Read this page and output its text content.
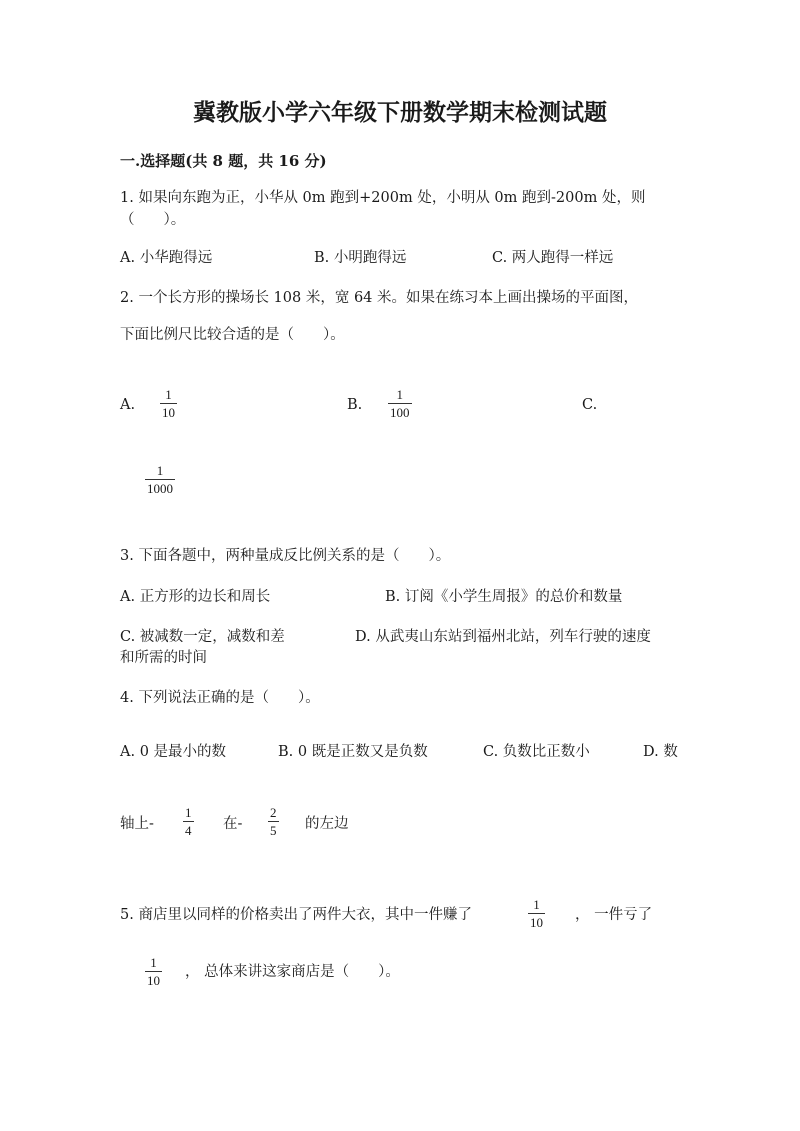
冀教版小学六年级下册数学期末检测试题
一.选择题(共 8 题，共 16 分)
1. 如果向东跑为正，小华从 0m 跑到+200m 处，小明从 0m 跑到-200m 处，则
（　　）。
A. 小华跑得远	B. 小明跑得远	C. 两人跑得一样远
2. 一个长方形的操场长 108 米，宽 64 米。如果在练习本上画出操场的平面图，
下面比例尺比较合适的是（　　）。
A.
1
10	B.
1
100	C.
1
1000
3. 下面各题中，两种量成反比例关系的是（　　）。
A. 正方形的边长和周长	B. 订阅《小学生周报》的总价和数量
C. 被减数一定，减数和差	D. 从武夷山东站到福州北站，列车行驶的速度
和所需的时间
4. 下列说法正确的是（　　）。
A. 0 是最小的数	B. 0 既是正数又是负数	C. 负数比正数小	D. 数
轴上-
1
4 在-
2
5 的左边
5. 商店里以同样的价格卖出了两件大衣，其中一件赚了
1
10 ， 一件亏了
1
10
， 总体来讲这家商店是（　　）。
